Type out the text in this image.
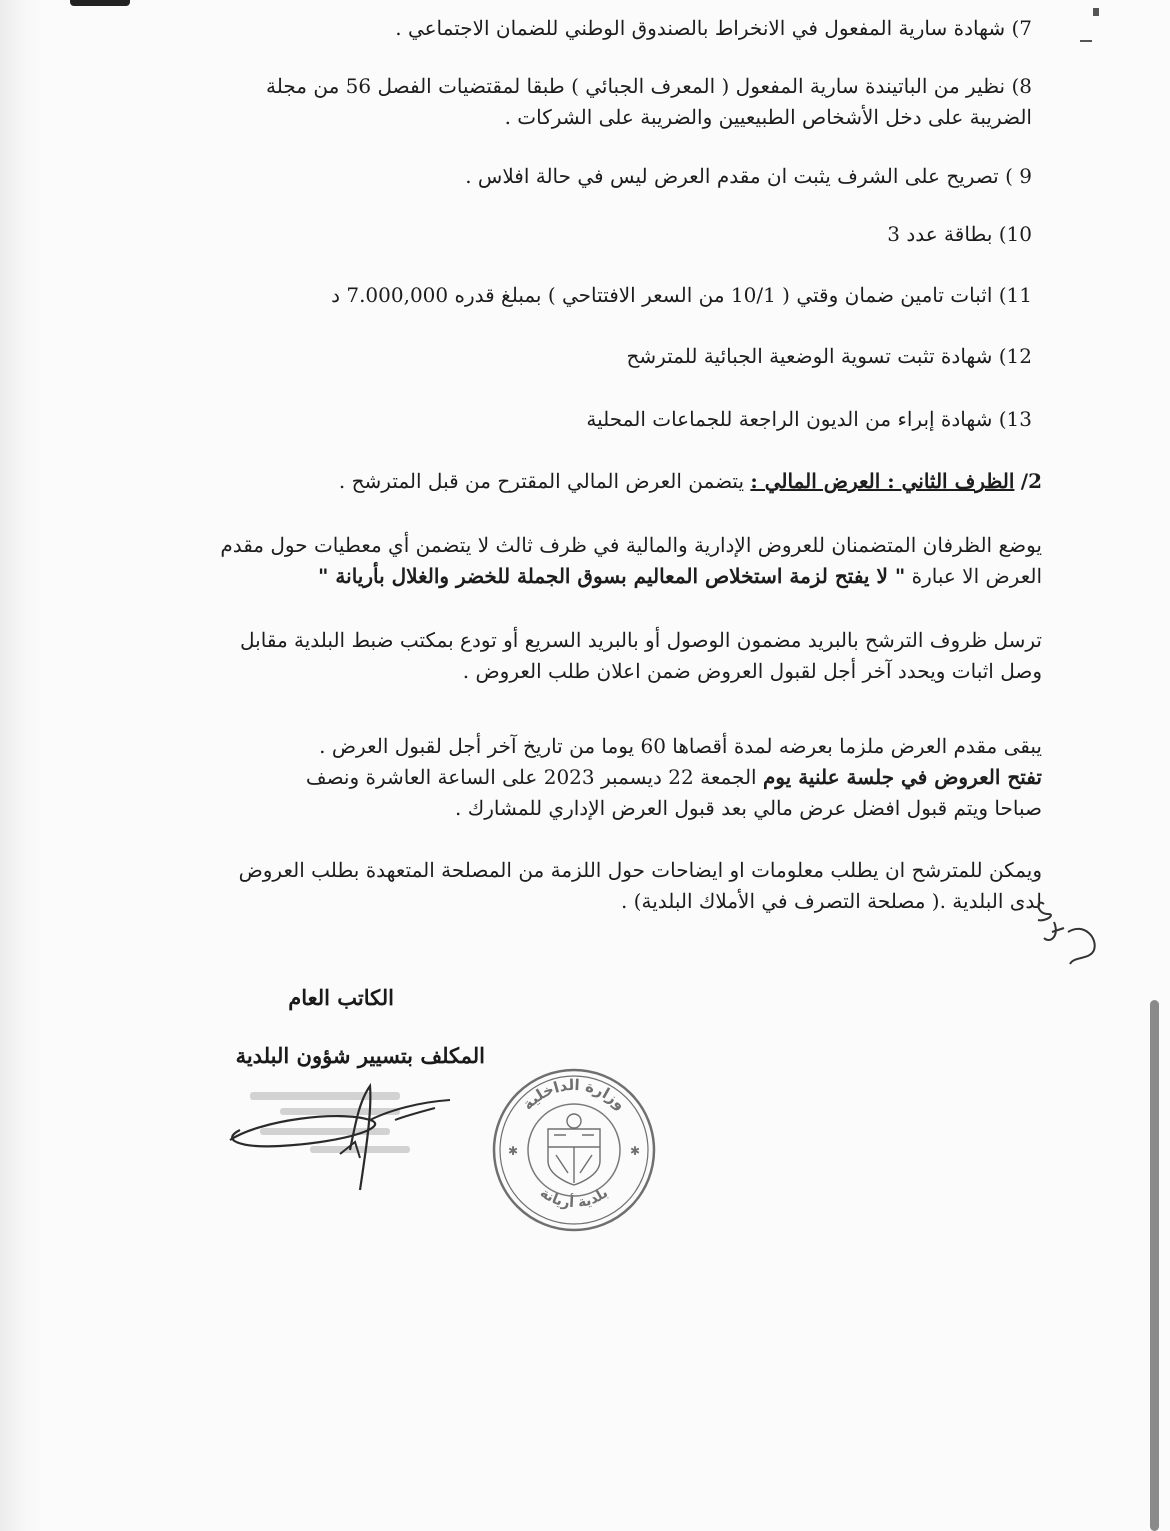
7) شهادة سارية المفعول في الانخراط بالصندوق الوطني للضمان الاجتماعي .
8) نظير من الباتيندة سارية المفعول ( المعرف الجبائي ) طبقا لمقتضيات الفصل 56 من مجلة
الضريبة على دخل الأشخاص الطبيعيين والضريبة على الشركات .
9 ) تصريح على الشرف يثبت ان مقدم العرض ليس في حالة افلاس .
10) بطاقة عدد 3
11) اثبات تامين ضمان وقتي ( 10/1 من السعر الافتتاحي ) بمبلغ قدره 7.000,000 د
12) شهادة تثبت تسوية الوضعية الجبائية للمترشح
13) شهادة إبراء من الديون الراجعة للجماعات المحلية
2/ الظرف الثاني : العرض المالي : يتضمن العرض المالي المقترح من قبل المترشح .
يوضع الظرفان المتضمنان للعروض الإدارية والمالية في ظرف ثالث لا يتضمن أي معطيات حول مقدم
العرض الا عبارة " لا يفتح لزمة استخلاص المعاليم بسوق الجملة للخضر والغلال بأريانة "
ترسل ظروف الترشح بالبريد مضمون الوصول أو بالبريد السريع أو تودع بمكتب ضبط البلدية مقابل
وصل اثبات ويحدد آخر أجل لقبول العروض ضمن اعلان طلب العروض .
يبقى مقدم العرض ملزما بعرضه لمدة أقصاها 60 يوما من تاريخ آخر أجل لقبول العرض .
تفتح العروض في جلسة علنية يوم الجمعة 22 ديسمبر 2023 على الساعة العاشرة ونصف
صباحا ويتم قبول افضل عرض مالي بعد قبول العرض الإداري للمشارك .
ويمكن للمترشح ان يطلب معلومات او ايضاحات حول اللزمة من المصلحة المتعهدة بطلب العروض
لدى البلدية .( مصلحة التصرف في الأملاك البلدية) .
الكاتب العام
المكلف بتسيير شؤون البلدية
وزارة الداخلية
بلدية أريانة
✱	✱
